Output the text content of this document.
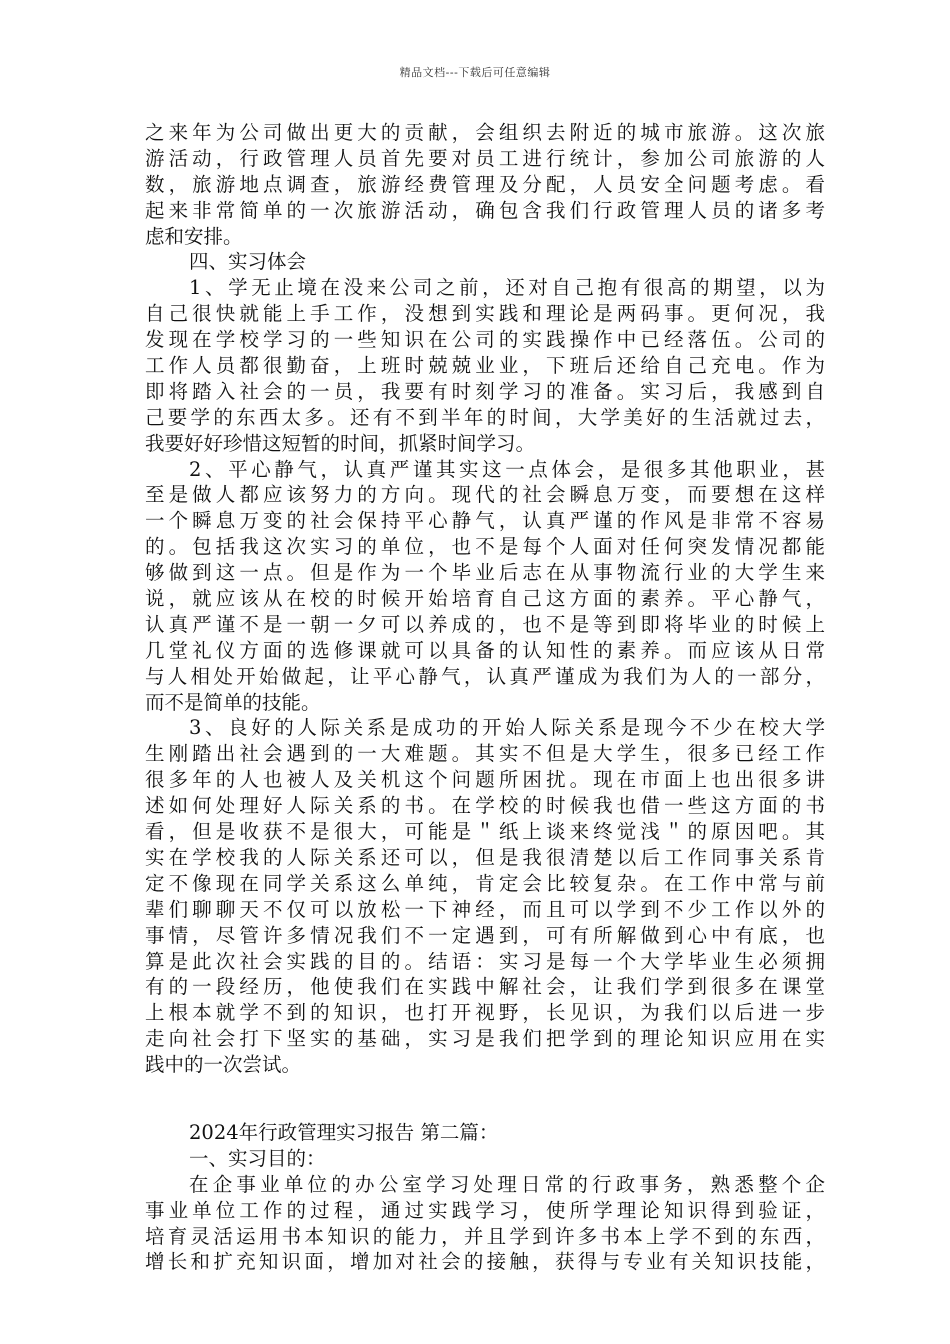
精品文档---下载后可任意编辑
之来年为公司做出更大的贡献，会组织去附近的城市旅游。这次旅
游活动，行政管理人员首先要对员工进行统计，参加公司旅游的人
数，旅游地点调查，旅游经费管理及分配，人员安全问题考虑。看
起来非常简单的一次旅游活动，确包含我们行政管理人员的诸多考
虑和安排。
四、实习体会
1、学无止境在没来公司之前，还对自己抱有很高的期望，以为
自己很快就能上手工作，没想到实践和理论是两码事。更何况，我
发现在学校学习的一些知识在公司的实践操作中已经落伍。公司的
工作人员都很勤奋，上班时兢兢业业，下班后还给自己充电。作为
即将踏入社会的一员，我要有时刻学习的准备。实习后，我感到自
己要学的东西太多。还有不到半年的时间，大学美好的生活就过去，
我要好好珍惜这短暂的时间，抓紧时间学习。
2、平心静气，认真严谨其实这一点体会，是很多其他职业，甚
至是做人都应该努力的方向。现代的社会瞬息万变，而要想在这样
一个瞬息万变的社会保持平心静气，认真严谨的作风是非常不容易
的。包括我这次实习的单位，也不是每个人面对任何突发情况都能
够做到这一点。但是作为一个毕业后志在从事物流行业的大学生来
说，就应该从在校的时候开始培育自己这方面的素养。平心静气，
认真严谨不是一朝一夕可以养成的，也不是等到即将毕业的时候上
几堂礼仪方面的选修课就可以具备的认知性的素养。而应该从日常
与人相处开始做起，让平心静气，认真严谨成为我们为人的一部分，
而不是简单的技能。
3、良好的人际关系是成功的开始人际关系是现今不少在校大学
生刚踏出社会遇到的一大难题。其实不但是大学生，很多已经工作
很多年的人也被人及关机这个问题所困扰。现在市面上也出很多讲
述如何处理好人际关系的书。在学校的时候我也借一些这方面的书
看，但是收获不是很大，可能是＂纸上谈来终觉浅＂的原因吧。其
实在学校我的人际关系还可以，但是我很清楚以后工作同事关系肯
定不像现在同学关系这么单纯，肯定会比较复杂。在工作中常与前
辈们聊聊天不仅可以放松一下神经，而且可以学到不少工作以外的
事情，尽管许多情况我们不一定遇到，可有所解做到心中有底，也
算是此次社会实践的目的。结语：实习是每一个大学毕业生必须拥
有的一段经历，他使我们在实践中解社会，让我们学到很多在课堂
上根本就学不到的知识，也打开视野，长见识，为我们以后进一步
走向社会打下坚实的基础，实习是我们把学到的理论知识应用在实
践中的一次尝试。
2024年行政管理实习报告 第二篇：
一、实习目的：
在企事业单位的办公室学习处理日常的行政事务，熟悉整个企
事业单位工作的过程，通过实践学习，使所学理论知识得到验证，
培育灵活运用书本知识的能力，并且学到许多书本上学不到的东西，
增长和扩充知识面，增加对社会的接触，获得与专业有关知识技能，
